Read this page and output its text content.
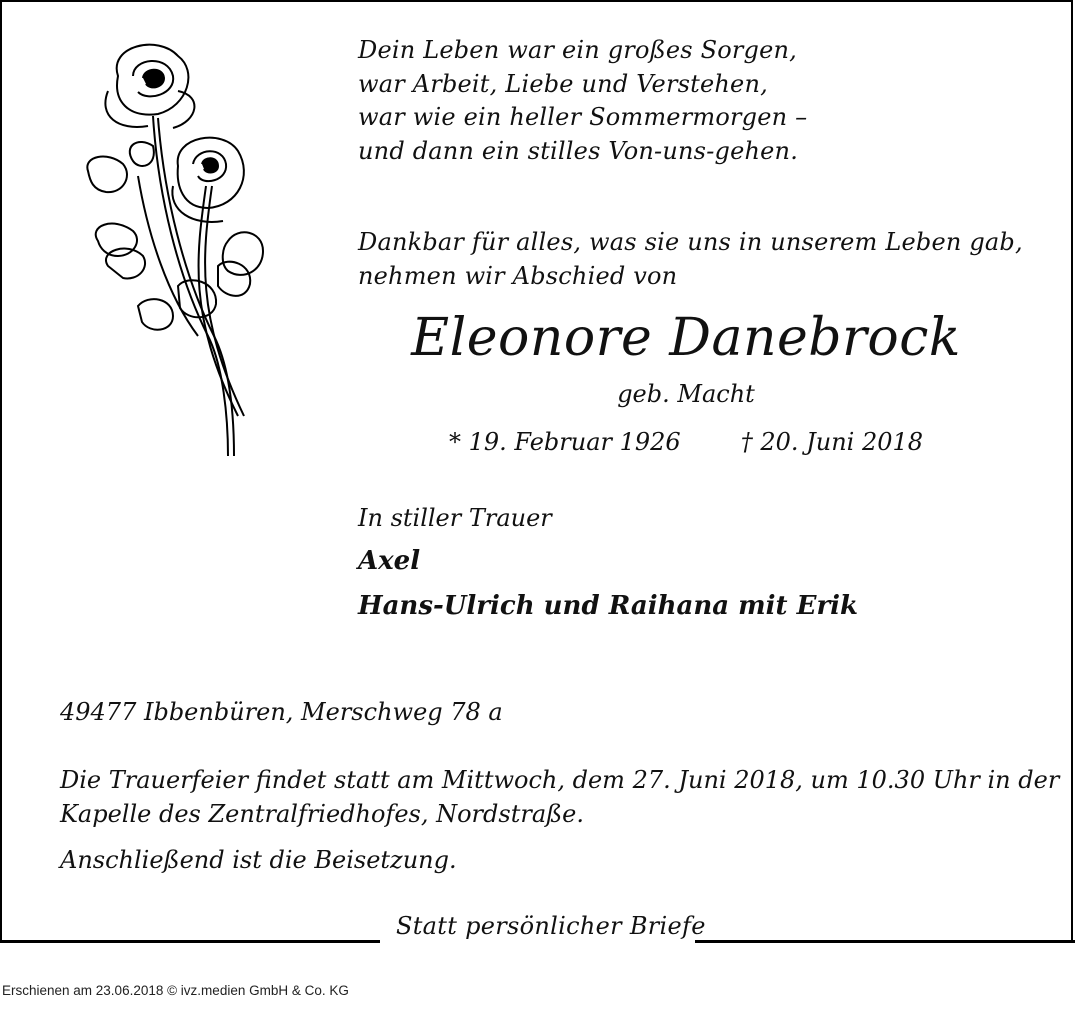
Dein Leben war ein großes Sorgen,
war Arbeit, Liebe und Verstehen,
war wie ein heller Sommermorgen –
und dann ein stilles Von-uns-gehen.
Dankbar für alles, was sie uns in unserem Leben gab,
nehmen wir Abschied von
Eleonore Danebrock
geb. Macht
* 19. Februar 1926	† 20. Juni 2018
In stiller Trauer
Axel
Hans-Ulrich und Raihana mit Erik
49477 Ibbenbüren, Merschweg 78 a
Die Trauerfeier findet statt am Mittwoch, dem 27. Juni 2018, um 10.30 Uhr in der
Kapelle des Zentralfriedhofes, Nordstraße.
Anschließend ist die Beisetzung.
Statt persönlicher Briefe
Erschienen am 23.06.2018 © ivz.medien GmbH & Co. KG
